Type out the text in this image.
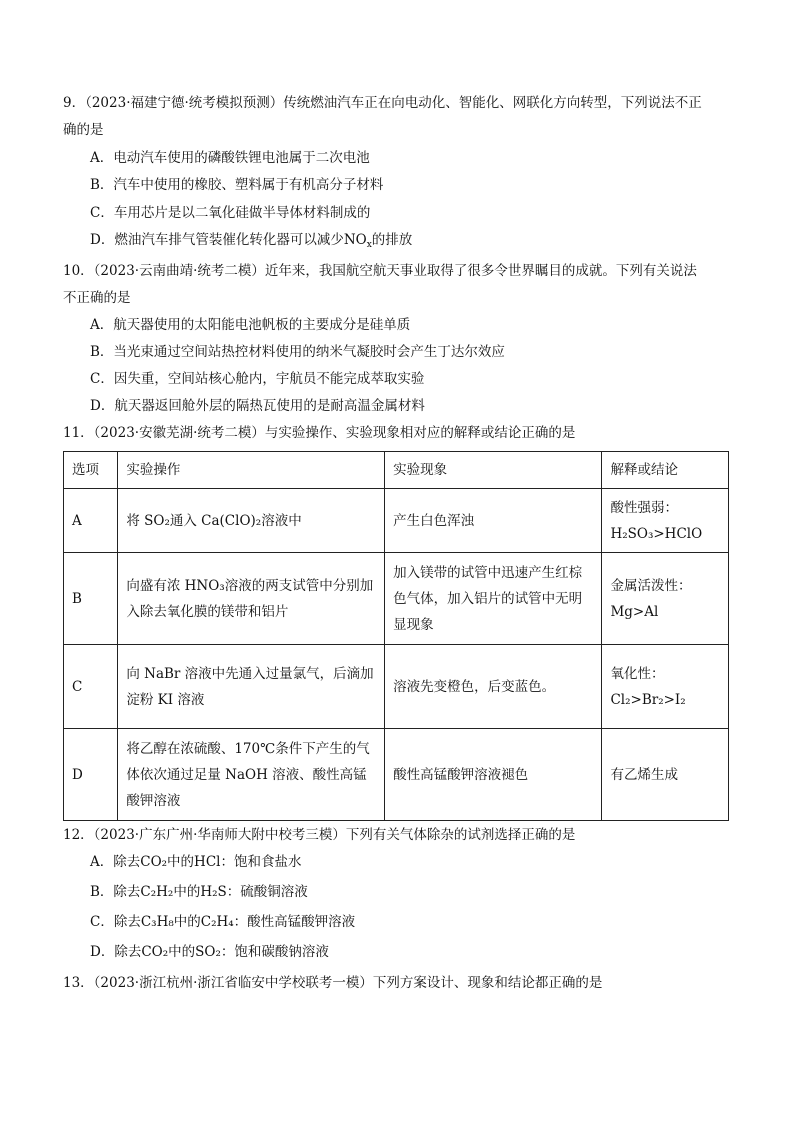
9．（2023·福建宁德·统考模拟预测）传统燃油汽车正在向电动化、智能化、网联化方向转型，下列说法不正
确的是
A．电动汽车使用的磷酸铁锂电池属于二次电池
B．汽车中使用的橡胶、塑料属于有机高分子材料
C．车用芯片是以二氧化硅做半导体材料制成的
D．燃油汽车排气管装催化转化器可以减少$NO_x$的排放
10．（2023·云南曲靖·统考二模）近年来，我国航空航天事业取得了很多令世界瞩目的成就。下列有关说法
不正确的是
A．航天器使用的太阳能电池帆板的主要成分是硅单质
B．当光束通过空间站热控材料使用的纳米气凝胶时会产生丁达尔效应
C．因失重，空间站核心舱内，宇航员不能完成萃取实验
D．航天器返回舱外层的隔热瓦使用的是耐高温金属材料
11．（2023·安徽芜湖·统考二模）与实验操作、实验现象相对应的解释或结论正确的是
选项	实验操作	实验现象	解释或结论
A	将 SO₂通入 Ca(ClO)₂溶液中	产生白色浑浊	酸性强弱：
H₂SO₃>HClO

B	向盛有浓 HNO₃溶液的两支试管中分别加入除去氧化膜的镁带和铝片	加入镁带的试管中迅速产生红棕色气体，加入铝片的试管中无明显现象	金属活泼性：
Mg>Al

C	向 NaBr 溶液中先通入过量氯气，后滴加淀粉 KI 溶液	溶液先变橙色，后变蓝色。	氧化性：
Cl₂>Br₂>I₂

D	将乙醇在浓硫酸、170℃条件下产生的气体依次通过足量 NaOH 溶液、酸性高锰酸钾溶液	酸性高锰酸钾溶液褪色	有乙烯生成
12．（2023·广东广州·华南师大附中校考三模）下列有关气体除杂的试剂选择正确的是
A．除去CO₂中的HCl：饱和食盐水
B．除去C₂H₂中的H₂S：硫酸铜溶液
C．除去C₃H₈中的C₂H₄：酸性高锰酸钾溶液
D．除去CO₂中的SO₂：饱和碳酸钠溶液
13．（2023·浙江杭州·浙江省临安中学校联考一模）下列方案设计、现象和结论都正确的是
